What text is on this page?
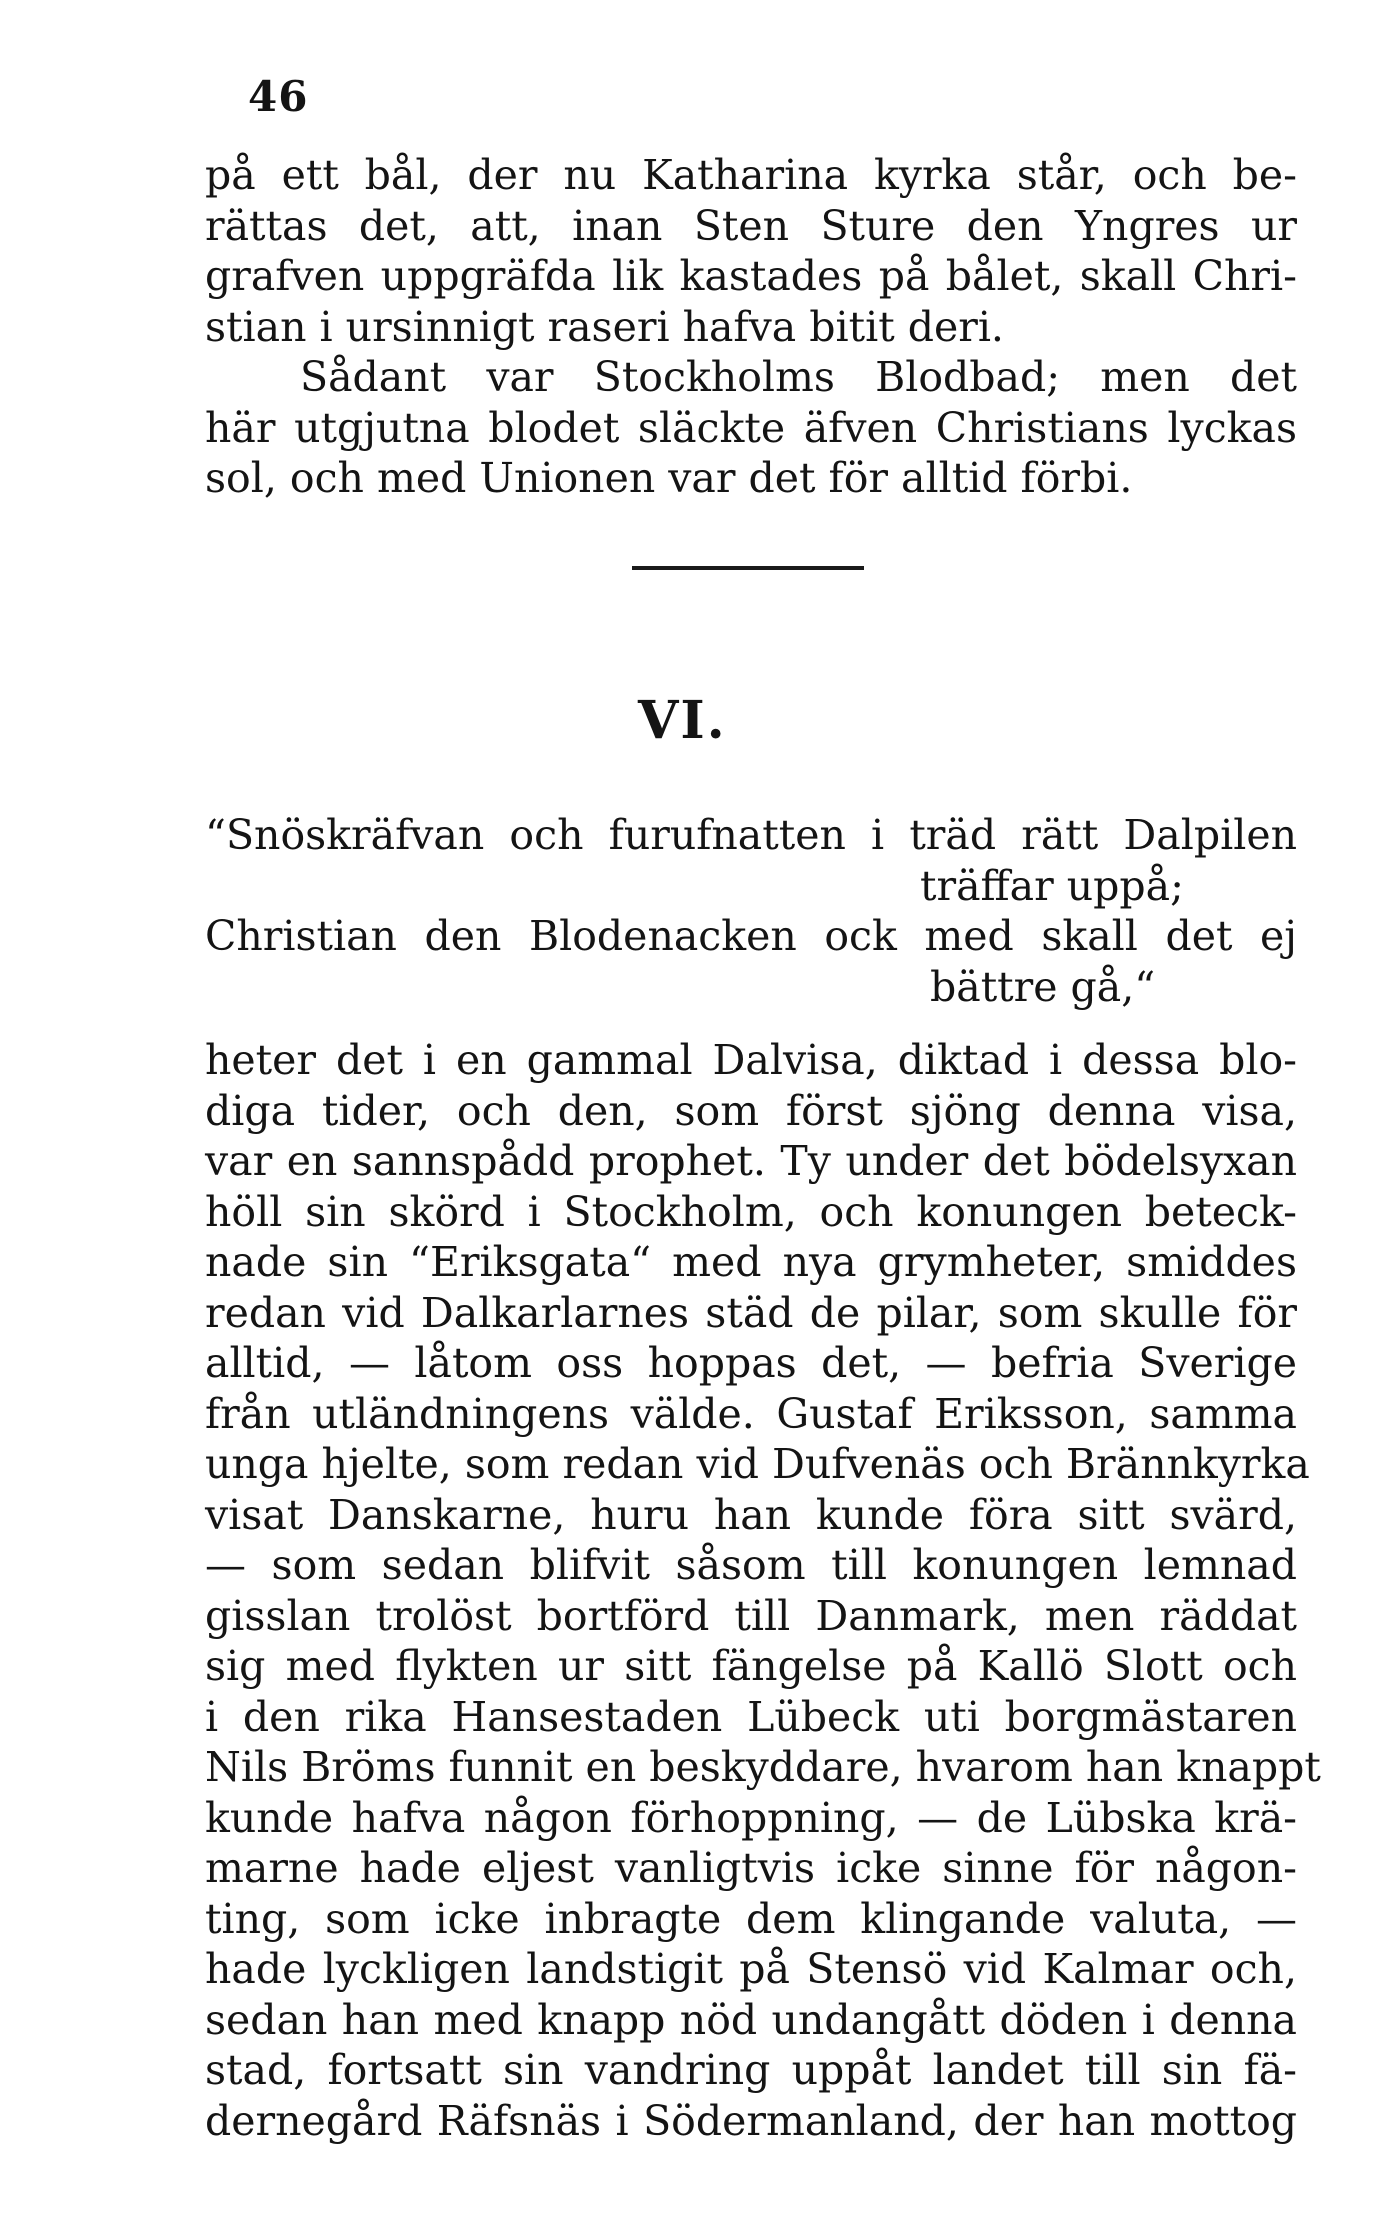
46
på ett bål, der nu Katharina kyrka står, och be-
rättas det, att, inan Sten Sture den Yngres ur
grafven uppgräfda lik kastades på bålet, skall Chri-
stian i ursinnigt raseri hafva bitit deri.
Sådant var Stockholms Blodbad; men det
här utgjutna blodet släckte äfven Christians lyckas
sol, och med Unionen var det för alltid förbi.
VI.
“Snöskräfvan och furufnatten i träd rätt Dalpilen
träffar uppå;
Christian den Blodenacken ock med skall det ej
bättre gå,“
heter det i en gammal Dalvisa, diktad i dessa blo-
diga tider, och den, som först sjöng denna visa,
var en sannspådd prophet. Ty under det bödelsyxan
höll sin skörd i Stockholm, och konungen beteck-
nade sin “Eriksgata“ med nya grymheter, smiddes
redan vid Dalkarlarnes städ de pilar, som skulle för
alltid, — låtom oss hoppas det, — befria Sverige
från utländningens välde. Gustaf Eriksson, samma
unga hjelte, som redan vid Dufvenäs och Brännkyrka
visat Danskarne, huru han kunde föra sitt svärd,
— som sedan blifvit såsom till konungen lemnad
gisslan trolöst bortförd till Danmark, men räddat
sig med flykten ur sitt fängelse på Kallö Slott och
i den rika Hansestaden Lübeck uti borgmästaren
Nils Bröms funnit en beskyddare, hvarom han knappt
kunde hafva någon förhoppning, — de Lübska krä-
marne hade eljest vanligtvis icke sinne för någon-
ting, som icke inbragte dem klingande valuta, —
hade lyckligen landstigit på Stensö vid Kalmar och,
sedan han med knapp nöd undangått döden i denna
stad, fortsatt sin vandring uppåt landet till sin fä-
dernegård Räfsnäs i Södermanland, der han mottog
